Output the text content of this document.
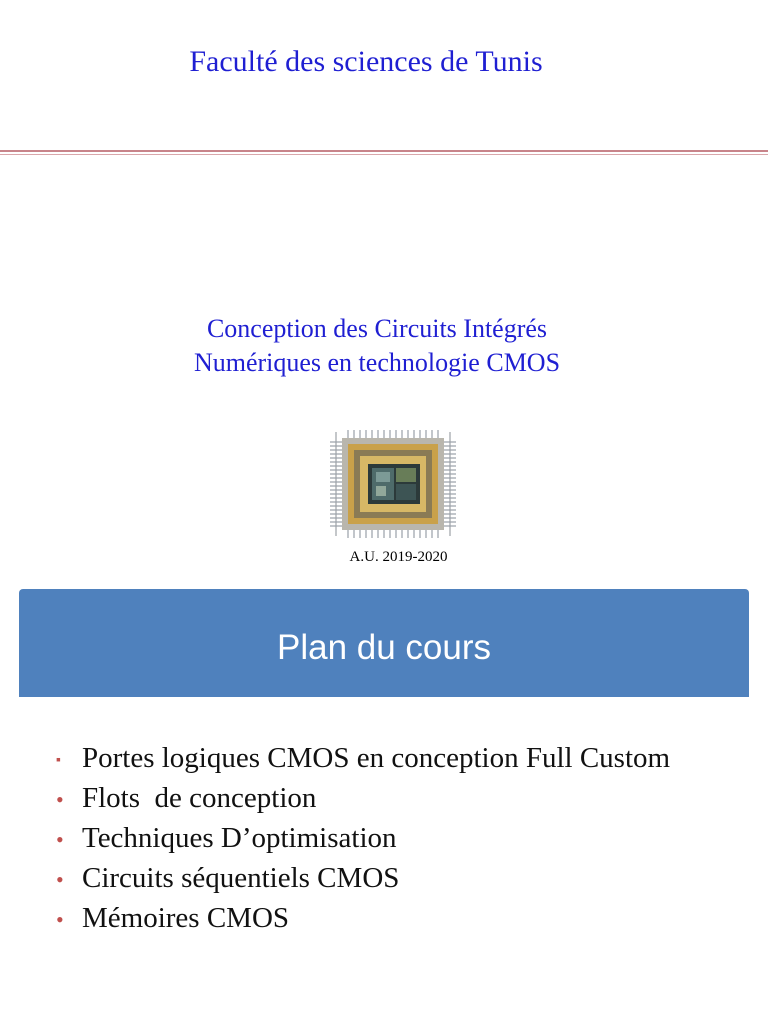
Faculté des sciences de Tunis
Conception des Circuits Intégrés
Numériques en technologie CMOS
A.U. 2019-2020
Plan du cours
▪ Portes logiques CMOS en conception Full Custom
• Flots  de conception
• Techniques D’optimisation
• Circuits séquentiels CMOS
• Mémoires CMOS
